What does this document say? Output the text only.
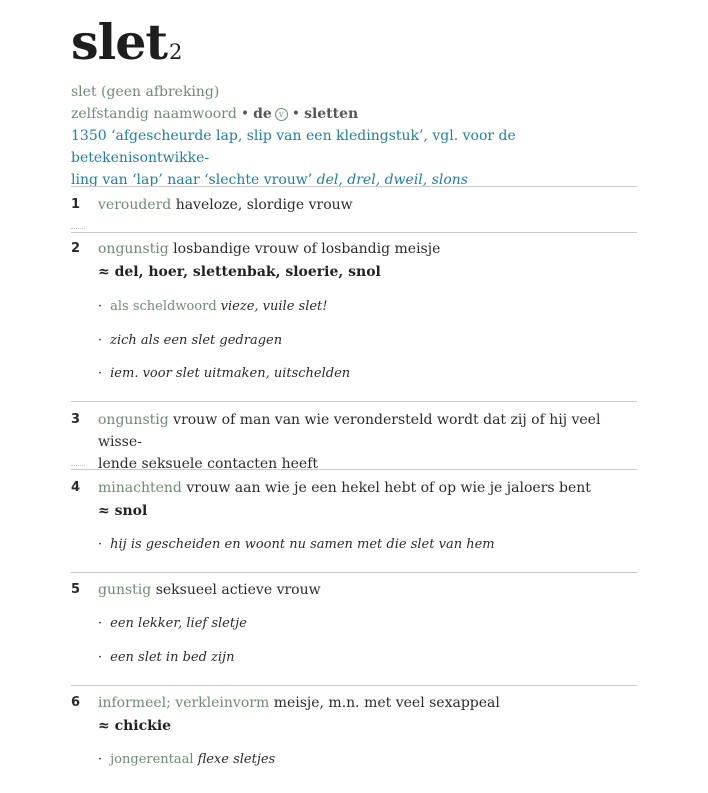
slet$^2$
slet (geen afbreking)
zelfstandig naamwoord • de v • sletten
1350 ‘afgescheurde lap, slip van een kledingstuk’, vgl. voor de betekenisontwikke-
ling van ‘lap’ naar ‘slechte vrouw’ del, drel, dweil, slons
1	verouderd haveloze, slordige vrouw
2	ongunstig losbandige vrouw of losbandig meisje
≈ del, hoer, slettenbak, sloerie, snol
· als scheldwoord vieze, vuile slet!
· zich als een slet gedragen
· iem. voor slet uitmaken, uitschelden
3	ongunstig vrouw of man van wie verondersteld wordt dat zij of hij veel wisse-
lende seksuele contacten heeft
4	minachtend vrouw aan wie je een hekel hebt of op wie je jaloers bent
≈ snol
· hij is gescheiden en woont nu samen met die slet van hem
5	gunstig seksueel actieve vrouw
· een lekker, lief sletje
· een slet in bed zijn
6	informeel; verkleinvorm meisje, m.n. met veel sexappeal
≈ chickie
· jongerentaal flexe sletjes
